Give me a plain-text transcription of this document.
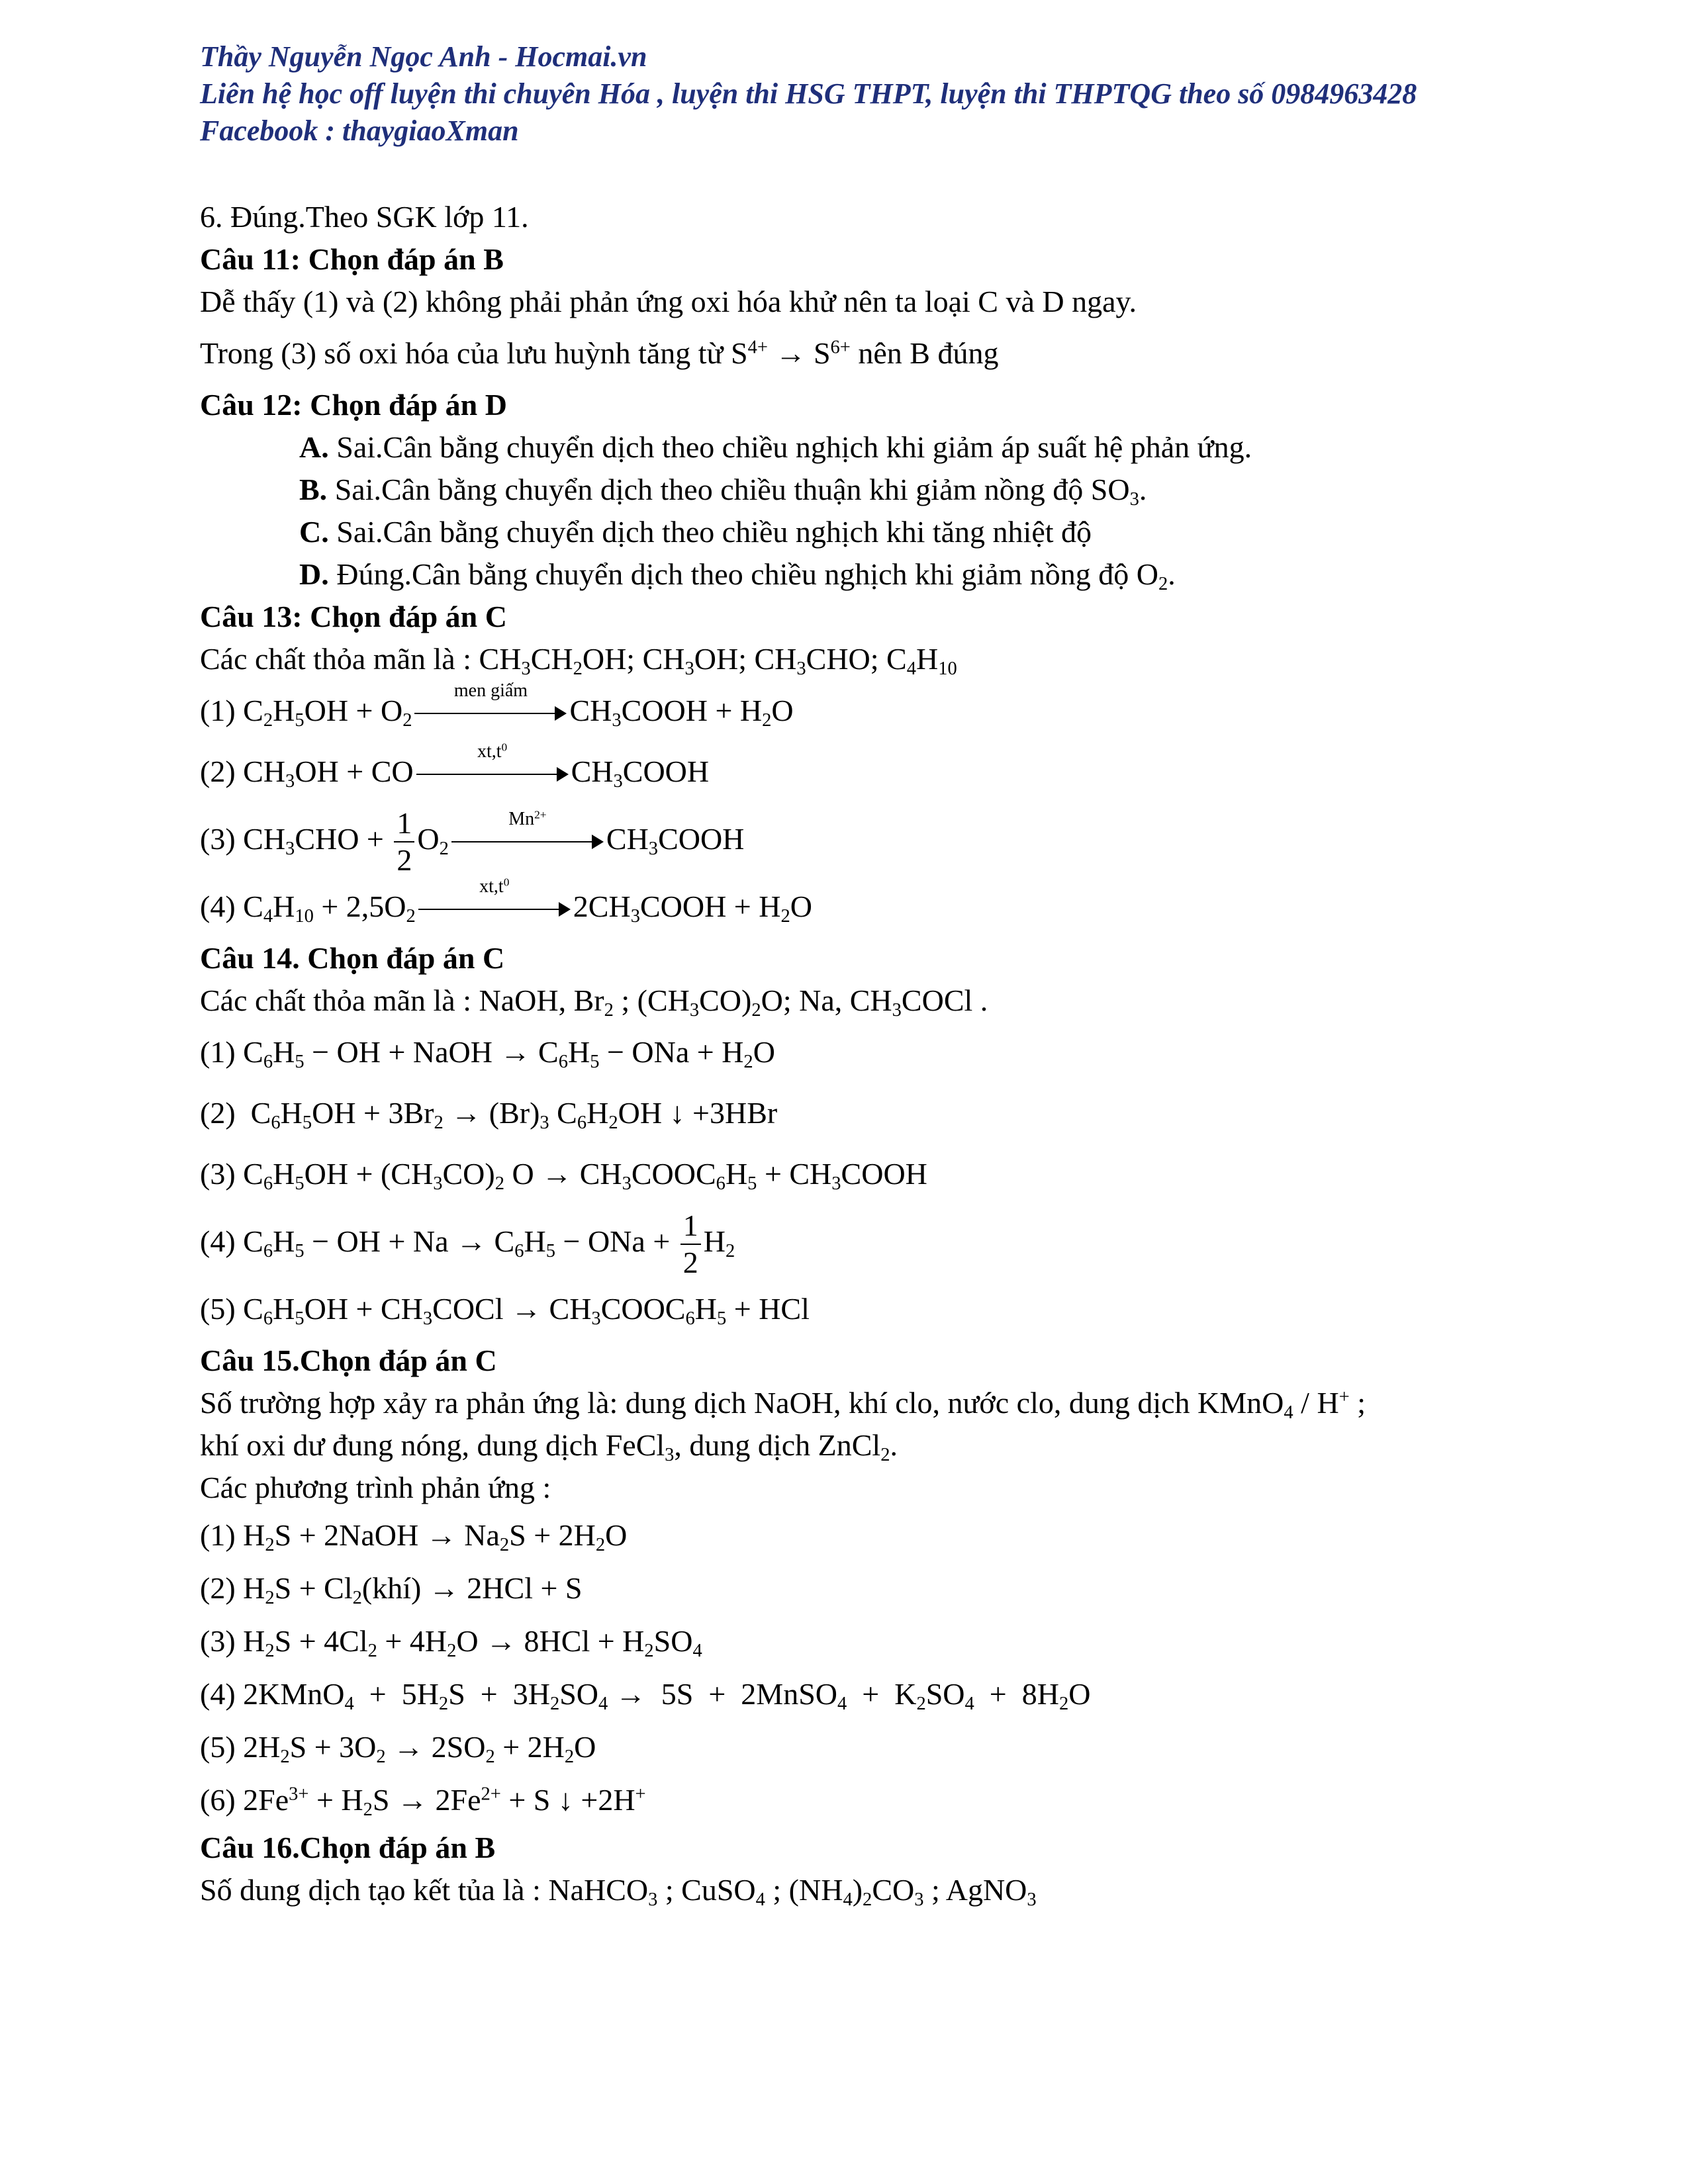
Thầy Nguyễn Ngọc Anh - Hocmai.vn
Liên hệ học off luyện thi chuyên Hóa , luyện thi HSG THPT, luyện thi THPTQG theo số 0984963428
Facebook : thaygiaoXman
6. Đúng.Theo SGK lớp 11.
Câu 11: Chọn đáp án B
Dễ thấy (1) và (2) không phải phản ứng oxi hóa khử nên ta loại C và D ngay.
Trong (3) số oxi hóa của lưu huỳnh tăng từ $S^{4+} \to S^{6+}$ nên B đúng
Câu 12: Chọn đáp án D
A. Sai.Cân bằng chuyển dịch theo chiều nghịch khi giảm áp suất hệ phản ứng.
B. Sai.Cân bằng chuyển dịch theo chiều thuận khi giảm nồng độ $SO_3$.
C. Sai.Cân bằng chuyển dịch theo chiều nghịch khi tăng nhiệt độ
D. Đúng.Cân bằng chuyển dịch theo chiều nghịch khi giảm nồng độ $O_2$.
Câu 13: Chọn đáp án C
Các chất thỏa mãn là : $CH_3CH_2OH$; $CH_3OH$; $CH_3CHO$; $C_4H_{10}$
(1) $C_2H_5OH + O_2$
men giấm
$CH_3COOH + H_2O$
(2) $CH_3OH$ + CO
$xt,t^0$
$CH_3COOH$
(3) $CH_3CHO + \frac{1}{2} O_2$
$Mn^{2+}$
$CH_3COOH$
(4) $C_4H_{10} + 2,5O_2$
$xt,t^0$
$2CH_3COOH + H_2O$
Câu 14. Chọn đáp án C
Các chất thỏa mãn là : NaOH, $Br_2$ ; $(CH_3CO)_2O$; Na, $CH_3COCl$ .
(1) $C_6H_5$ − OH + NaOH → $C_6H_5$ − ONa + $H_2O$
(2)  $C_6H_5OH + 3Br_2 \to (Br)_3$ $C_6H_2OH$ ↓ +3HBr
(3) $C_6H_5OH + (CH_3CO)_2$ $O \to CH_3COOC_6H_5$ + $CH_3COOH$
(4) $C_6H_5$ − OH + $Na \to C_6H_5$ − ONa + $\frac{1}{2} H_2$
(5) $C_6H_5OH$ + $CH_3COCl$ → $CH_3COOC_6H_5$ + HCl
Câu 15.Chọn đáp án C
Số trường hợp xảy ra phản ứng là: dung dịch NaOH, khí clo, nước clo, dung dịch KMnO$_4$ / H+ ;
khí oxi dư đung nóng, dung dịch FeCl$_3$, dung dịch ZnCl$_2$.
Các phương trình phản ứng :
(1) $H_2S$ + 2NaOH → $Na_2S + 2H_2O$
(2) $H_2S$ + $Cl_2(khí) \to 2HCl + S$
(3) $H_2S + 4Cl_2 + 4H_2O \to 8HCl + H_2SO_4$
(4) 2KMnO$_4$  +  $5H_2S + 3H_2SO_4 \to 5S$  +  2MnSO$_4$  +  $K_2SO_4 + 8H_2O$
(5) $2H_2S + 3O_2 \to 2SO_2 + 2H_2O$
(6) $2Fe^{3+} + H_2S \to 2Fe^{2+} + S$ ↓ +2H+
Câu 16.Chọn đáp án B
Số dung dịch tạo kết tủa là : NaHCO$_3$ ; CuSO$_4$ ; $(NH_4)_2CO_3$ ; AgNO$_3$
